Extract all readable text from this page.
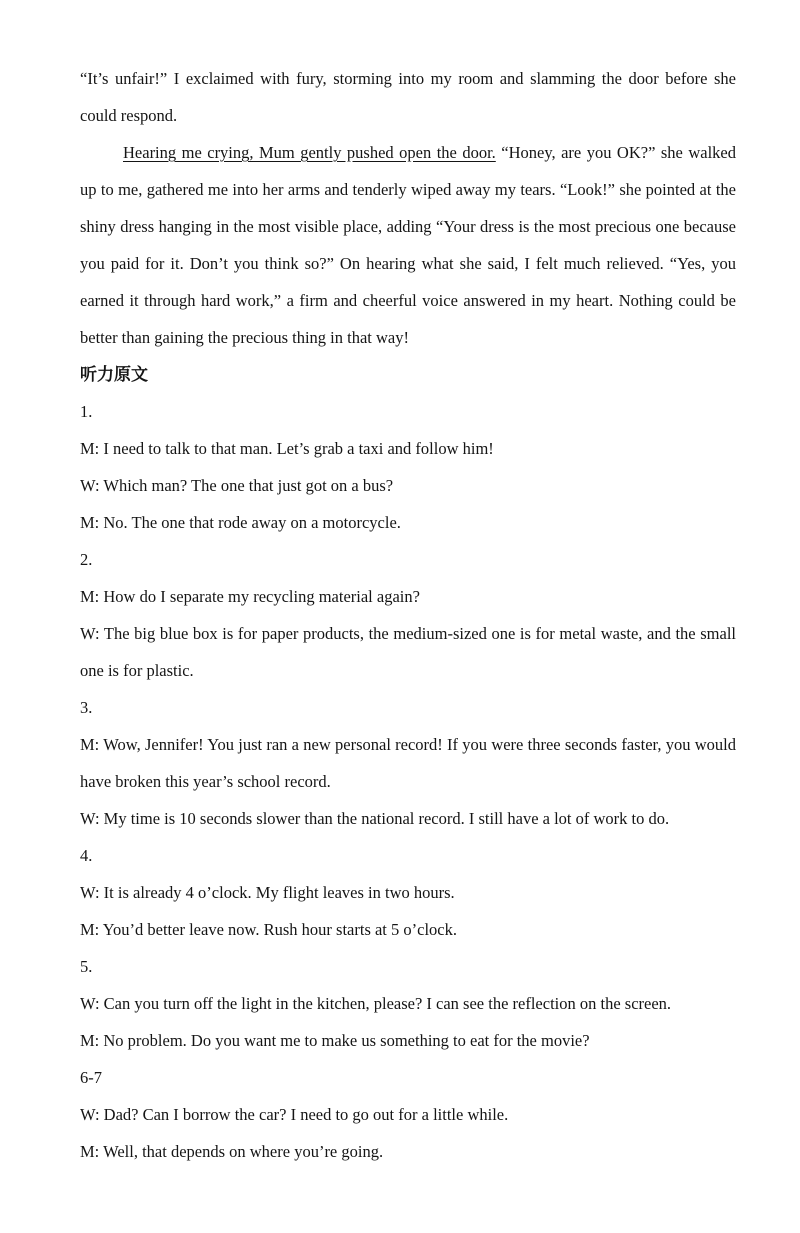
“It’s unfair!” I exclaimed with fury, storming into my room and slamming the door before she could respond.

Hearing me crying, Mum gently pushed open the door. “Honey, are you OK?” she walked up to me, gathered me into her arms and tenderly wiped away my tears. “Look!” she pointed at the shiny dress hanging in the most visible place, adding “Your dress is the most precious one because you paid for it. Don’t you think so?” On hearing what she said, I felt much relieved. “Yes, you earned it through hard work,” a firm and cheerful voice answered in my heart. Nothing could be better than gaining the precious thing in that way!

听力原文

1.

M: I need to talk to that man. Let’s grab a taxi and follow him!

W: Which man? The one that just got on a bus?

M: No. The one that rode away on a motorcycle.

2.

M: How do I separate my recycling material again?

W: The big blue box is for paper products, the medium-sized one is for metal waste, and the small one is for plastic.

3.

M: Wow, Jennifer! You just ran a new personal record! If you were three seconds faster, you would have broken this year’s school record.

W: My time is 10 seconds slower than the national record. I still have a lot of work to do.

4.

W: It is already 4 o’clock. My flight leaves in two hours.

M: You’d better leave now. Rush hour starts at 5 o’clock.

5.

W: Can you turn off the light in the kitchen, please? I can see the reflection on the screen.

M: No problem. Do you want me to make us something to eat for the movie?

6-7

W: Dad? Can I borrow the car? I need to go out for a little while.

M: Well, that depends on where you’re going.
